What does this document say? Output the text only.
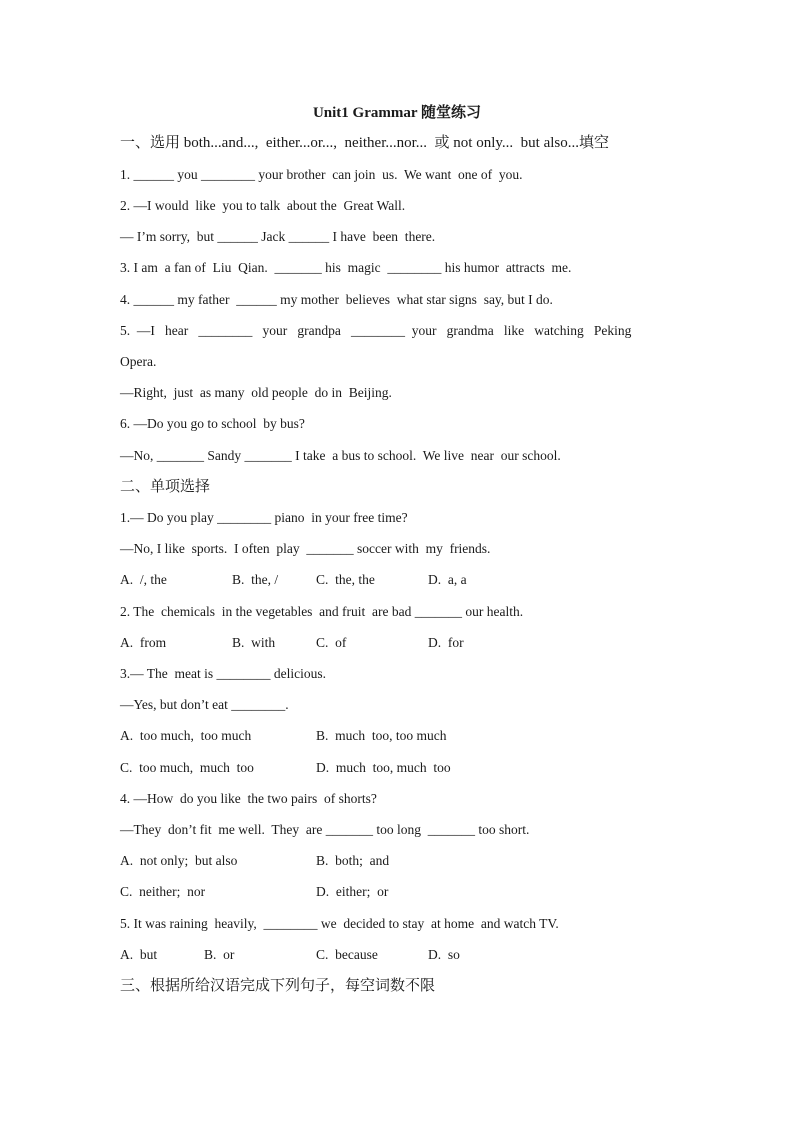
Unit1 Grammar 随堂练习
一、选用 both...and...,  either...or...,  neither...nor...  或 not only...  but also...填空
1. ______ you ________ your brother  can join  us.  We want  one of  you.
2. —I would  like  you to talk  about the  Great Wall.
— I’m sorry,  but ______ Jack ______ I have  been  there.
3. I am  a fan of  Liu  Qian.  _______ his  magic  ________ his humor  attracts  me.
4. ______ my father  ______ my mother  believes  what star signs  say, but I do.
5.  —I   hear   ________   your   grandpa   ________  your   grandma   like   watching   Peking
Opera.
—Right,  just  as many  old people  do in  Beijing.
6. —Do you go to school  by bus?
—No, _______ Sandy _______ I take  a bus to school.  We live  near  our school.
二、单项选择
1.— Do you play ________ piano  in your free time?
—No, I like  sports.  I often  play  _______ soccer with  my  friends.
A.  /, the	B.  the, /	C.  the, the	D.  a, a
2. The  chemicals  in the vegetables  and fruit  are bad _______ our health.
A.  from	B.  with	C.  of	D.  for
3.— The  meat is ________ delicious.
—Yes, but don’t eat ________.
A.  too much,  too much	B.  much  too, too much
C.  too much,  much  too	D.  much  too, much  too
4. —How  do you like  the two pairs  of shorts?
—They  don’t fit  me well.  They  are _______ too long  _______ too short.
A.  not only;  but also	B.  both;  and
C.  neither;  nor	D.  either;  or
5. It was raining  heavily,  ________ we  decided to stay  at home  and watch TV.
A.  but	B.  or	C.  because	D.  so
三、根据所给汉语完成下列句子，每空词数不限
